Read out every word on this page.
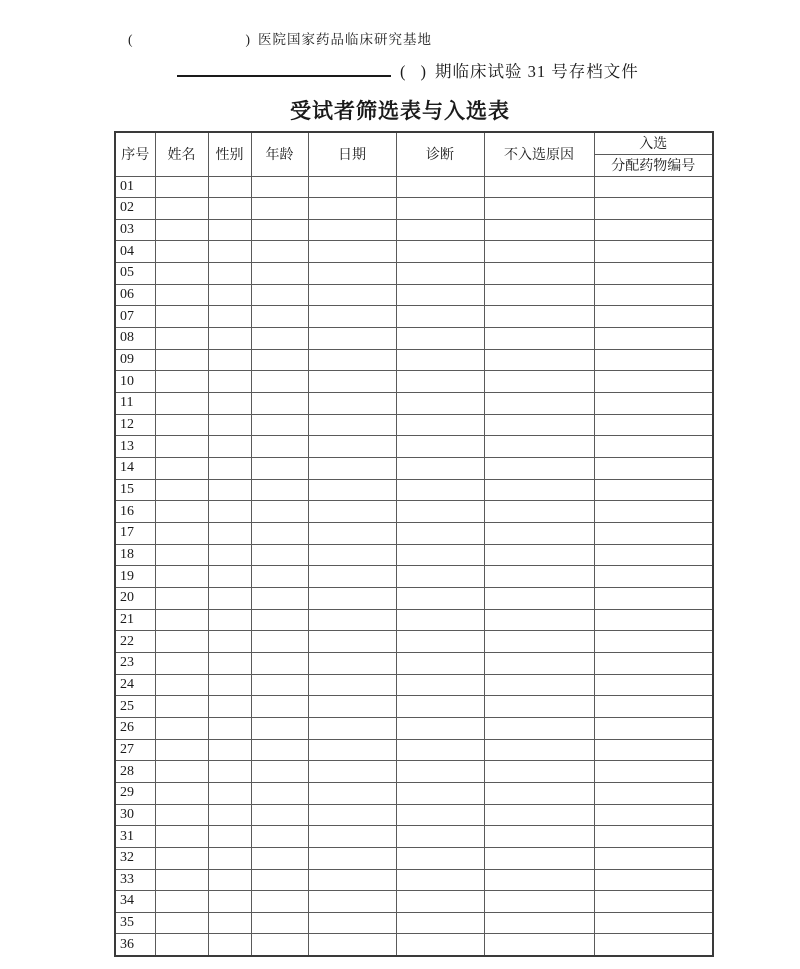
(	) 医院国家药品临床研究基地
( ) 期临床试验 31 号存档文件
受试者筛选表与入选表
序号	姓名	性别	年龄	日期	诊断	不入选原因	入选
							分配药物编号
01							
02							
03							
04							
05							
06							
07							
08							
09							
10							
11							
12							
13							
14							
15							
16							
17							
18							
19							
20							
21							
22							
23							
24							
25							
26							
27							
28							
29							
30							
31							
32							
33							
34							
35							
36							
